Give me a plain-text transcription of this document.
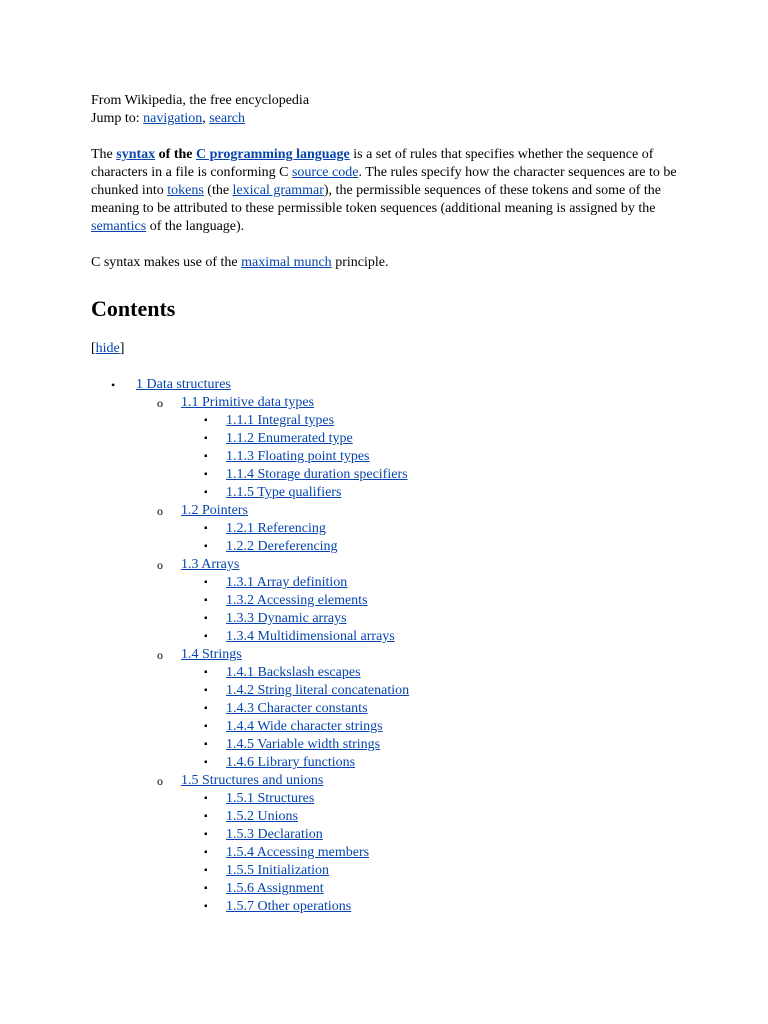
From Wikipedia, the free encyclopedia

Jump to: navigation, search

The syntax of the C programming language is a set of rules that specifies whether the sequence of characters in a file is conforming C source code. The rules specify how the character sequences are to be chunked into tokens (the lexical grammar), the permissible sequences of these tokens and some of the meaning to be attributed to these permissible token sequences (additional meaning is assigned by the semantics of the language).

C syntax makes use of the maximal munch principle.

Contents

[hide]

• 1 Data structures
o 1.1 Primitive data types
▪ 1.1.1 Integral types
▪ 1.1.2 Enumerated type
▪ 1.1.3 Floating point types
▪ 1.1.4 Storage duration specifiers
▪ 1.1.5 Type qualifiers
o 1.2 Pointers
▪ 1.2.1 Referencing
▪ 1.2.2 Dereferencing
o 1.3 Arrays
▪ 1.3.1 Array definition
▪ 1.3.2 Accessing elements
▪ 1.3.3 Dynamic arrays
▪ 1.3.4 Multidimensional arrays
o 1.4 Strings
▪ 1.4.1 Backslash escapes
▪ 1.4.2 String literal concatenation
▪ 1.4.3 Character constants
▪ 1.4.4 Wide character strings
▪ 1.4.5 Variable width strings
▪ 1.4.6 Library functions
o 1.5 Structures and unions
▪ 1.5.1 Structures
▪ 1.5.2 Unions
▪ 1.5.3 Declaration
▪ 1.5.4 Accessing members
▪ 1.5.5 Initialization
▪ 1.5.6 Assignment
▪ 1.5.7 Other operations
